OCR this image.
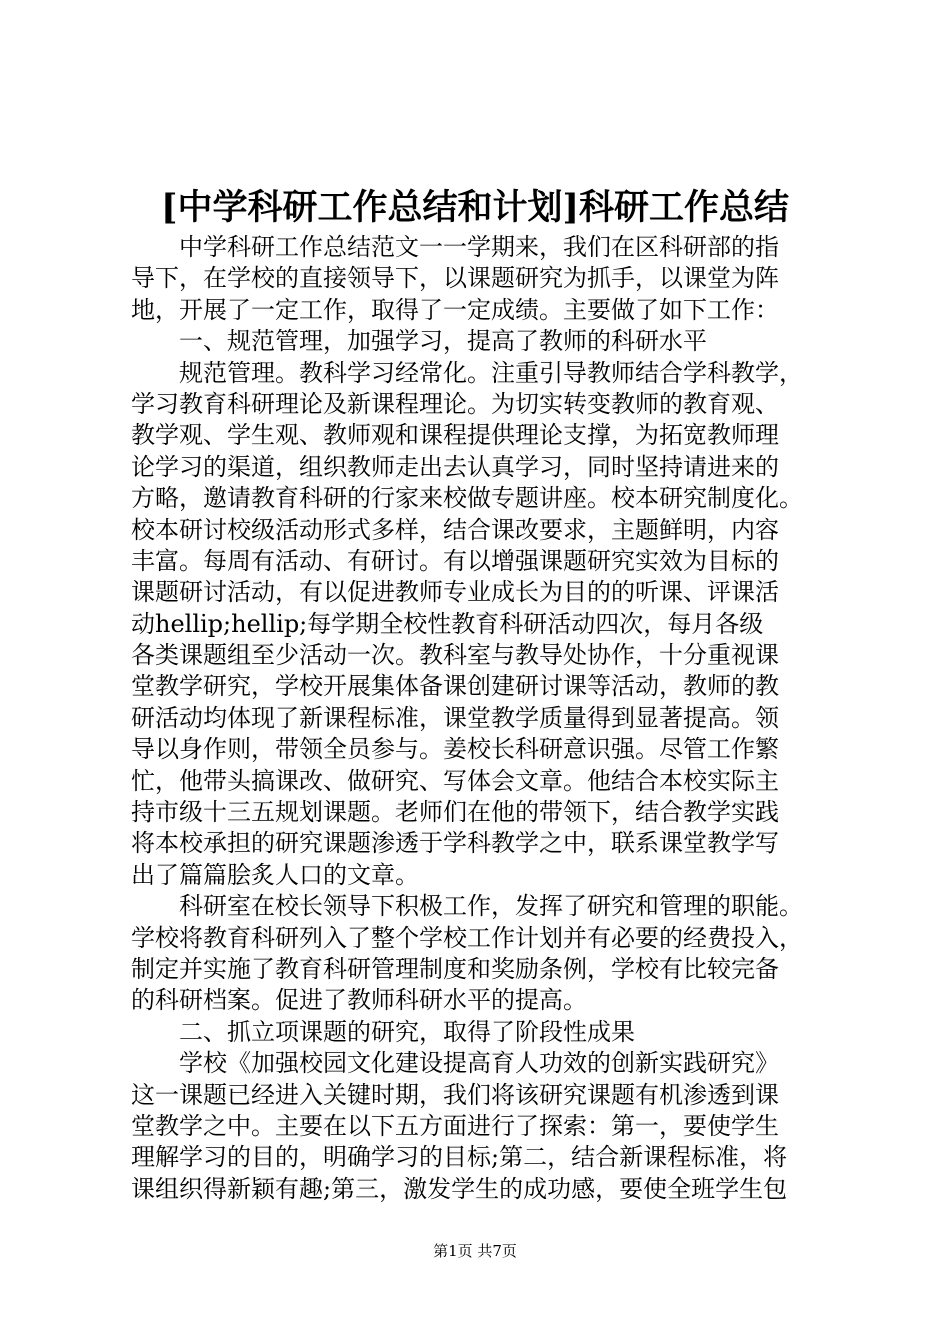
[中学科研工作总结和计划]科研工作总结
中学科研工作总结范文一一学期来，我们在区科研部的指
导下，在学校的直接领导下，以课题研究为抓手，以课堂为阵
地，开展了一定工作，取得了一定成绩。主要做了如下工作：
一、规范管理，加强学习，提高了教师的科研水平
规范管理。教科学习经常化。注重引导教师结合学科教学，
学习教育科研理论及新课程理论。为切实转变教师的教育观、
教学观、学生观、教师观和课程提供理论支撑，为拓宽教师理
论学习的渠道，组织教师走出去认真学习，同时坚持请进来的
方略，邀请教育科研的行家来校做专题讲座。校本研究制度化。
校本研讨校级活动形式多样，结合课改要求，主题鲜明，内容
丰富。每周有活动、有研讨。有以增强课题研究实效为目标的
课题研讨活动，有以促进教师专业成长为目的的听课、评课活
动hellip;hellip;每学期全校性教育科研活动四次，每月各级
各类课题组至少活动一次。教科室与教导处协作，十分重视课
堂教学研究，学校开展集体备课创建研讨课等活动，教师的教
研活动均体现了新课程标准，课堂教学质量得到显著提高。领
导以身作则，带领全员参与。姜校长科研意识强。尽管工作繁
忙，他带头搞课改、做研究、写体会文章。他结合本校实际主
持市级十三五规划课题。老师们在他的带领下，结合教学实践
将本校承担的研究课题渗透于学科教学之中，联系课堂教学写
出了篇篇脍炙人口的文章。
科研室在校长领导下积极工作，发挥了研究和管理的职能。
学校将教育科研列入了整个学校工作计划并有必要的经费投入，
制定并实施了教育科研管理制度和奖励条例，学校有比较完备
的科研档案。促进了教师科研水平的提高。
二、抓立项课题的研究，取得了阶段性成果
学校《加强校园文化建设提高育人功效的创新实践研究》
这一课题已经进入关键时期，我们将该研究课题有机渗透到课
堂教学之中。主要在以下五方面进行了探索：第一，要使学生
理解学习的目的，明确学习的目标;第二，结合新课程标准，将
课组织得新颖有趣;第三，激发学生的成功感，要使全班学生包
第1页 共7页
